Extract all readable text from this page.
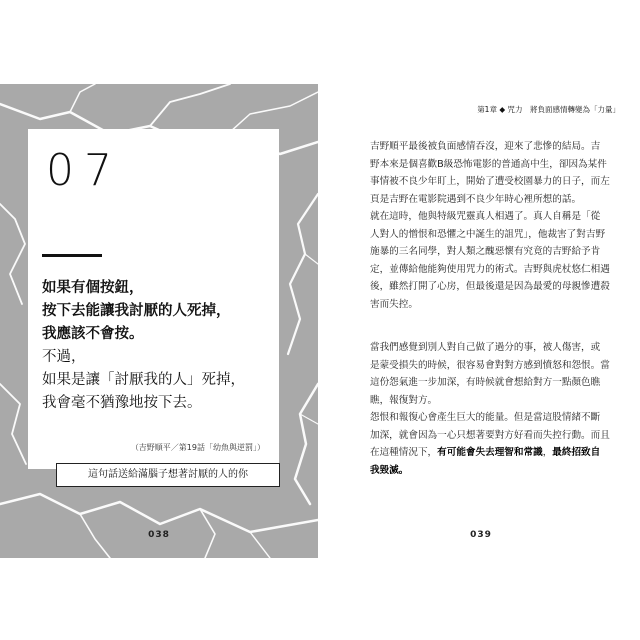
07
如果有個按鈕，
按下去能讓我討厭的人死掉，
我應該不會按。
不過，
如果是讓「討厭我的人」死掉，
我會毫不猶豫地按下去。
（吉野順平／第19話「幼魚與逆罰」）
這句話送給滿腦子想著討厭的人的你
038
第1章 ◆ 咒力　將負面感情轉變為「力量」

吉野順平最後被負面感情吞沒，迎來了悲慘的結局。吉
野本來是個喜歡B級恐怖電影的普通高中生，卻因為某件
事情被不良少年盯上，開始了遭受校園暴力的日子，而左
頁是吉野在電影院遇到不良少年時心裡所想的話。

就在這時，他與特級咒靈真人相遇了。真人自稱是「從
人對人的憎恨和恐懼之中誕生的詛咒」，他裁害了對吉野
施暴的三名同學，對人類之醜惡懷有究竟的吉野給予肯
定，並傳給他能夠使用咒力的術式。吉野與虎杖悠仁相遇
後，雖然打開了心房，但最後還是因為最愛的母親慘遭殺
害而失控。

當我們感覺到別人對自己做了過分的事，被人傷害，或
是蒙受損失的時候，很容易會對對方感到憤怒和怨恨。當
這份怨氣進一步加深，有時候就會想給對方一點顏色瞧
瞧，報復對方。

怨恨和報復心會產生巨大的能量。但是當這股情緒不斷
加深，就會因為一心只想著要對方好看而失控行動。而且
在這種情況下，有可能會失去理智和常識，最終招致自
我毀滅。

039
